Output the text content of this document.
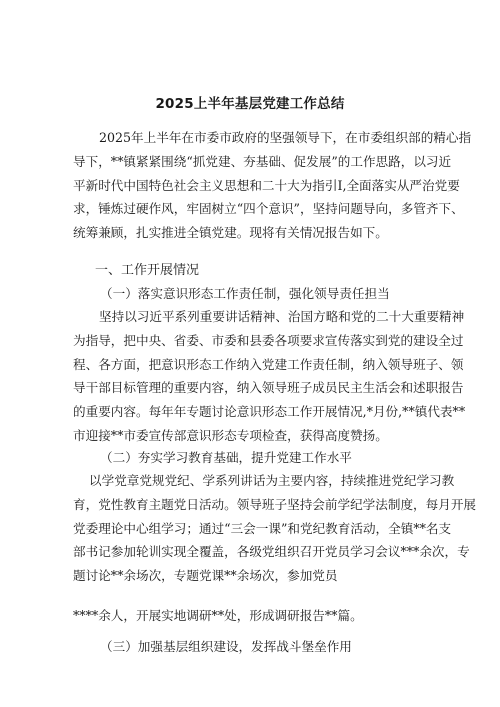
2025上半年基层党建工作总结
2025年上半年在市委市政府的坚强领导下，在市委组织部的精心指
导下，**镇紧紧围绕“抓党建、夯基础、促发展”的工作思路，以习近
平新时代中国特色社会主义思想和二十大为指引I,全面落实从严治党要
求，锤炼过硬作风，牢固树立“四个意识”，坚持问题导向，多管齐下、
统筹兼顾，扎实推进全镇党建。现将有关情况报告如下。
一、工作开展情况
（一）落实意识形态工作责任制，强化领导责任担当
坚持以习近平系列重要讲话精神、治国方略和党的二十大重要精神
为指导，把中央、省委、市委和县委各项要求宣传落实到党的建设全过
程、各方面，把意识形态工作纳入党建工作责任制，纳入领导班子、领
导干部目标管理的重要内容，纳入领导班子成员民主生活会和述职报告
的重要内容。每年年专题讨论意识形态工作开展情况,*月份,**镇代表**
市迎接**市委宣传部意识形态专项检查，获得高度赞扬。
（二）夯实学习教育基础，提升党建工作水平
以学党章党规党纪、学系列讲话为主要内容，持续推进党纪学习教
育，党性教育主题党日活动。领导班子坚持会前学纪学法制度，每月开展
党委理论中心组学习；通过“三会一课”和党纪教育活动，全镇**名支
部书记参加轮训实现全覆盖，各级党组织召开党员学习会议***余次，专
题讨论**余场次，专题党课**余场次，参加党员
****余人，开展实地调研**处，形成调研报告**篇。
（三）加强基层组织建设，发挥战斗堡垒作用
